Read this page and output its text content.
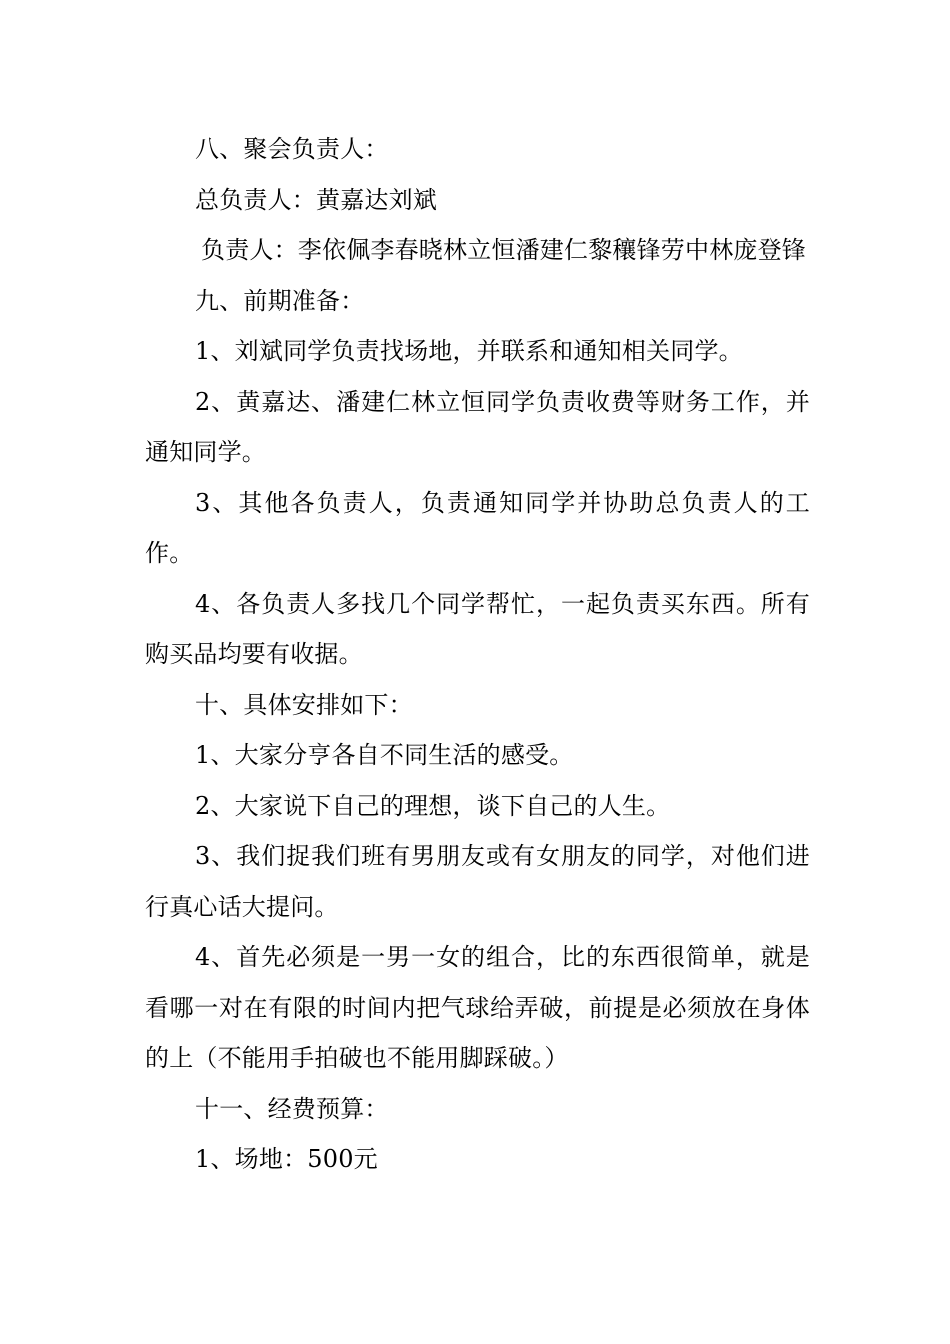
八、聚会负责人：

总负责人：黄嘉达刘斌

负责人：李依佩李春晓林立恒潘建仁黎穰锋劳中林庞登锋

九、前期准备：

1、刘斌同学负责找场地，并联系和通知相关同学。

2、黄嘉达、潘建仁林立恒同学负责收费等财务工作，并通知同学。

3、其他各负责人，负责通知同学并协助总负责人的工作。

4、各负责人多找几个同学帮忙，一起负责买东西。所有购买品均要有收据。

十、具体安排如下：

1、大家分亨各自不同生活的感受。

2、大家说下自己的理想，谈下自己的人生。

3、我们捉我们班有男朋友或有女朋友的同学，对他们进行真心话大提问。

4、首先必须是一男一女的组合，比的东西很简单，就是看哪一对在有限的时间内把气球给弄破，前提是必须放在身体的上（不能用手拍破也不能用脚踩破。）

十一、经费预算：

1、场地：500元
